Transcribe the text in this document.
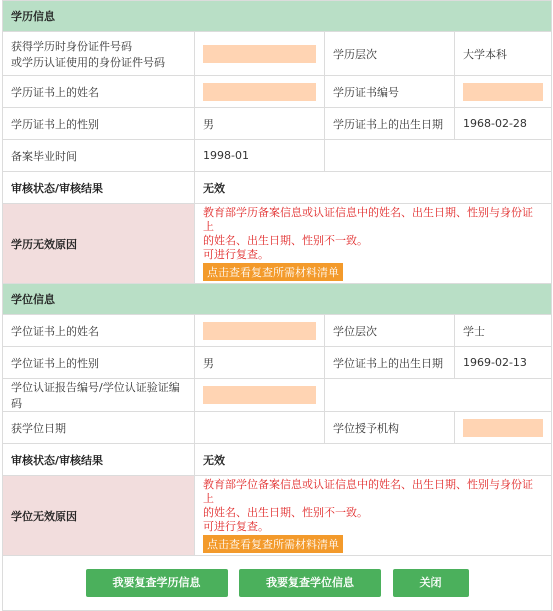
学历信息			

获得学历时身份证件号码
或学历认证使用的身份证件号码		学历层次	大学本科
学历证书上的姓名		学历证书编号	

学历证书上的性别	男	学历证书上的出生日期	1968-02-28
备案毕业时间	1998-01		
审核状态/审核结果	无效		
学历无效原因	教育部学历备案信息或认证信息中的姓名、出生日期、性别与身份证上
的姓名、出生日期、性别不一致。
可进行复查。
点击查看复查所需材料清单		
学位信息			
学位证书上的姓名		学位层次	学士
学位证书上的性别	男	学位证书上的出生日期	1969-02-13
学位认证报告编号/学位认证验证编码		

获学位日期		学位授予机构	

审核状态/审核结果	无效		
学位无效原因	教育部学位备案信息或认证信息中的姓名、出生日期、性别与身份证上
的姓名、出生日期、性别不一致。
可进行复查。
点击查看复查所需材料清单		
我要复查学历信息 我要复查学位信息 关闭			
